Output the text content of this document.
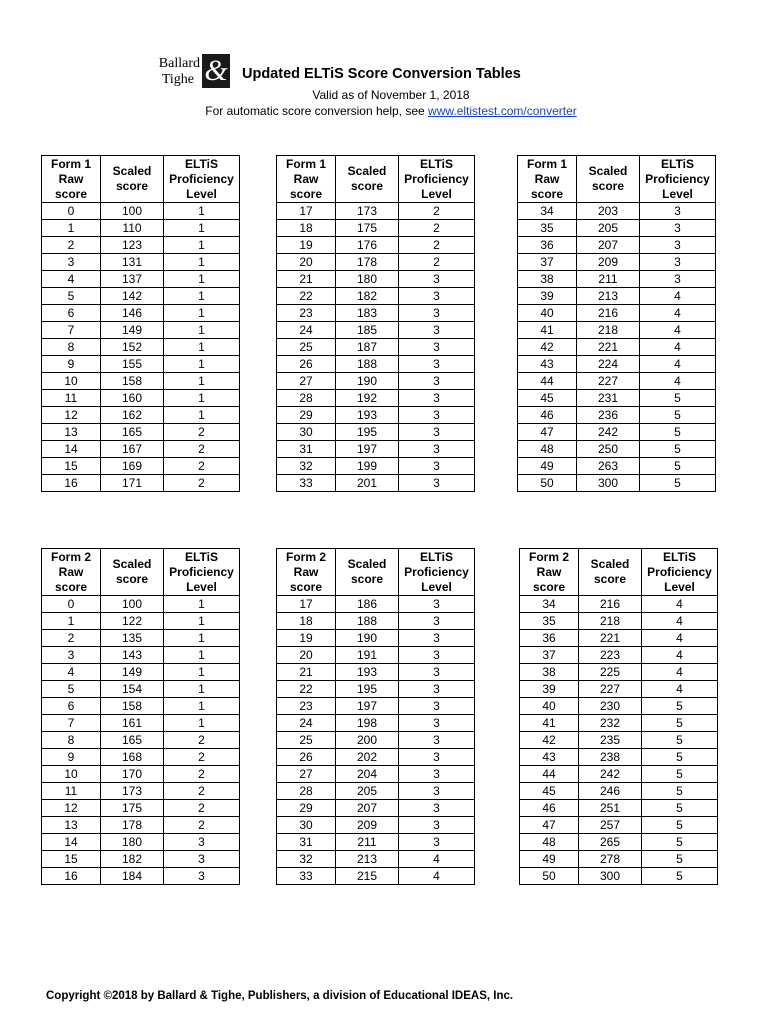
Ballard
Tighe & Updated ELTiS Score Conversion Tables
Valid as of November 1, 2018
For automatic score conversion help, see www.eltistest.com/converter
Form 1 Raw score	Scaled score	ELTiS Proficiency Level
0	100	1
1	110	1
2	123	1
3	131	1
4	137	1
5	142	1
6	146	1
7	149	1
8	152	1
9	155	1
10	158	1
11	160	1
12	162	1
13	165	2
14	167	2
15	169	2
16	171	2
Form 1 Raw score	Scaled score	ELTiS Proficiency Level
17	173	2
18	175	2
19	176	2
20	178	2
21	180	3
22	182	3
23	183	3
24	185	3
25	187	3
26	188	3
27	190	3
28	192	3
29	193	3
30	195	3
31	197	3
32	199	3
33	201	3
Form 1 Raw score	Scaled score	ELTiS Proficiency Level
34	203	3
35	205	3
36	207	3
37	209	3
38	211	3
39	213	4
40	216	4
41	218	4
42	221	4
43	224	4
44	227	4
45	231	5
46	236	5
47	242	5
48	250	5
49	263	5
50	300	5
Form 2 Raw score	Scaled score	ELTiS Proficiency Level
0	100	1
1	122	1
2	135	1
3	143	1
4	149	1
5	154	1
6	158	1
7	161	1
8	165	2
9	168	2
10	170	2
11	173	2
12	175	2
13	178	2
14	180	3
15	182	3
16	184	3
Form 2 Raw score	Scaled score	ELTiS Proficiency Level
17	186	3
18	188	3
19	190	3
20	191	3
21	193	3
22	195	3
23	197	3
24	198	3
25	200	3
26	202	3
27	204	3
28	205	3
29	207	3
30	209	3
31	211	3
32	213	4
33	215	4
Form 2 Raw score	Scaled score	ELTiS Proficiency Level
34	216	4
35	218	4
36	221	4
37	223	4
38	225	4
39	227	4
40	230	5
41	232	5
42	235	5
43	238	5
44	242	5
45	246	5
46	251	5
47	257	5
48	265	5
49	278	5
50	300	5
Copyright ©2018 by Ballard & Tighe, Publishers, a division of Educational IDEAS, Inc.
